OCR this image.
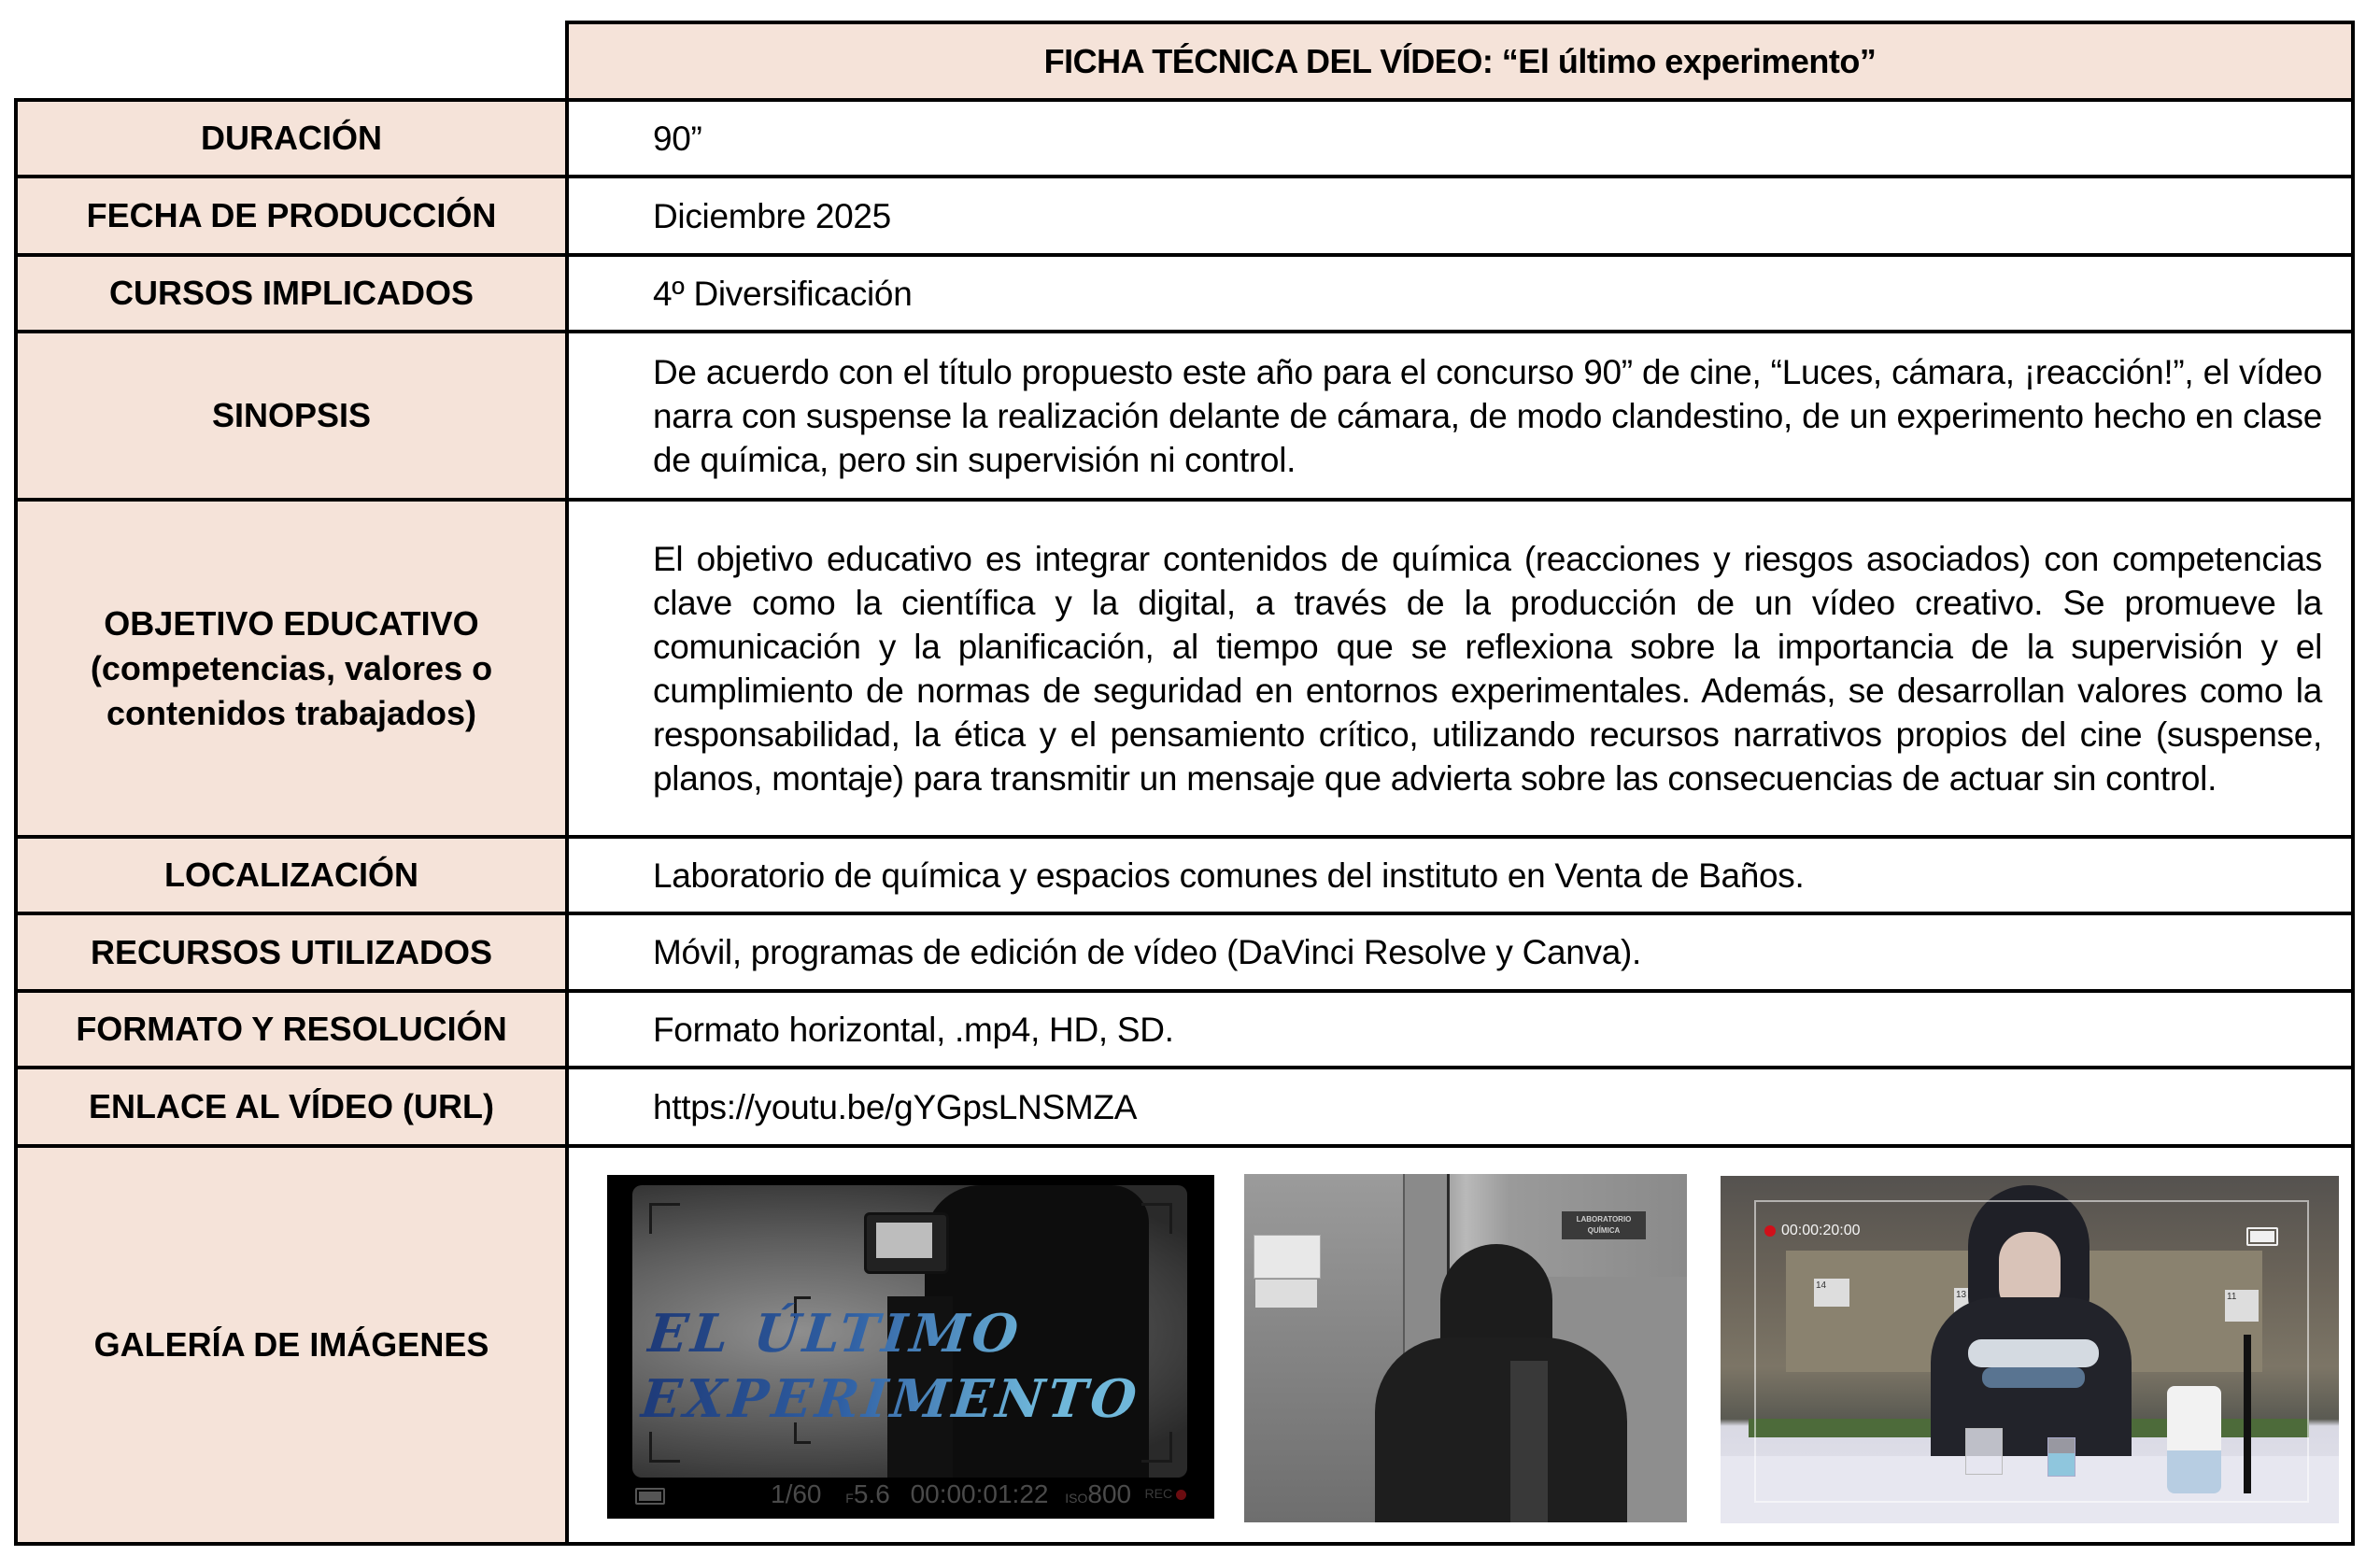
FICHA TÉCNICA DEL VÍDEO: “El último experimento”
DURACIÓN	90”

FECHA DE PRODUCCIÓN	Diciembre 2025

CURSOS IMPLICADOS	4º Diversificación

SINOPSIS

De acuerdo con el título propuesto este año para el concurso 90” de cine, “Luces, cámara, ¡reacción!”, el vídeo narra con suspense la realización delante de cámara, de modo clandestino, de un experimento hecho en clase de química, pero sin supervisión ni control.

OBJETIVO EDUCATIVO
(competencias, valores o
contenidos trabajados)

El objetivo educativo es integrar contenidos de química (reacciones y riesgos asociados) con competencias clave como la científica y la digital, a través de la producción de un vídeo creativo. Se promueve la comunicación y la planificación, al tiempo que se reflexiona sobre la importancia de la supervisión y el cumplimiento de normas de seguridad en entornos experimentales. Además, se desarrollan valores como la responsabilidad, la ética y el pensamiento crítico, utilizando recursos narrativos propios del cine (suspense, planos, montaje) para transmitir un mensaje que advierta sobre las consecuencias de actuar sin control.

LOCALIZACIÓN	Laboratorio de química y espacios comunes del instituto en Venta de Baños.

RECURSOS UTILIZADOS	Móvil, programas de edición de vídeo (DaVinci Resolve y Canva).

FORMATO Y RESOLUCIÓN	Formato horizontal, .mp4, HD, SD.

ENLACE AL VÍDEO (URL)	https://youtu.be/gYGpsLNSMZA

GALERÍA DE IMÁGENES	EL ÚLTIMO
EXPERIMENTO
1/60 F5.6 00:00:01:22 ISO800 REC
LABORATORIO
QUÍMICA
14
13	11
00:00:20:00
